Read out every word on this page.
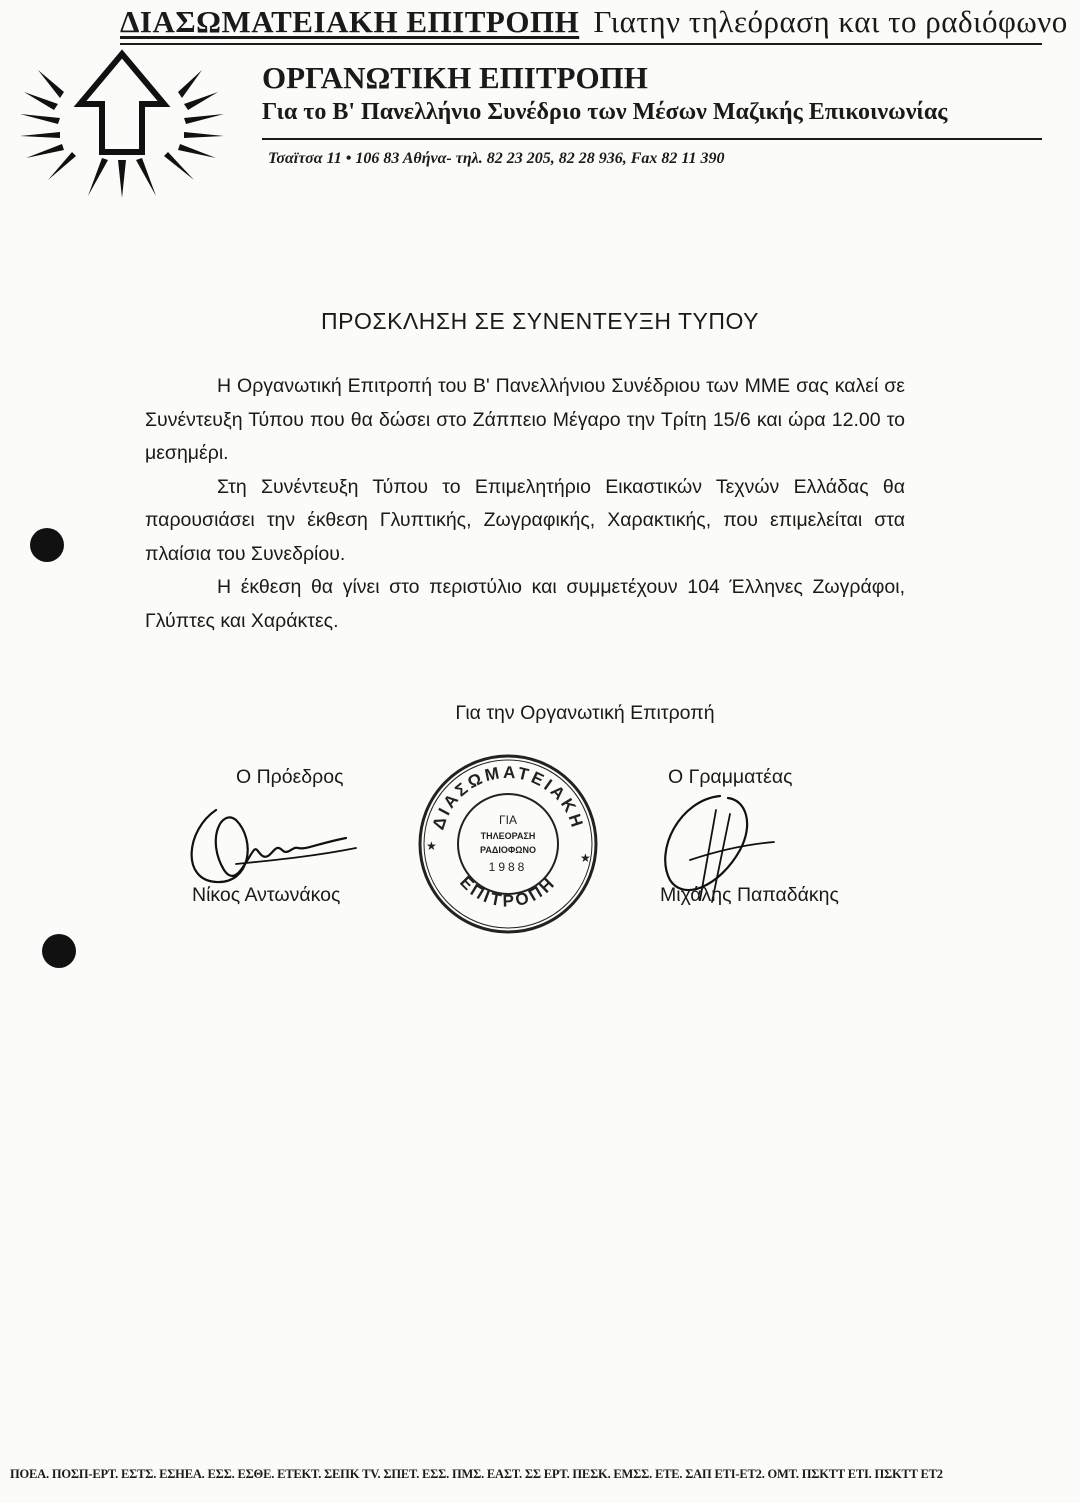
ΔΙΑΣΩΜΑΤΕΙΑΚΗ ΕΠΙΤΡΟΠΗ Γιατην τηλεόραση και το ραδιόφωνο
ΟΡΓΑΝΩΤΙΚΗ ΕΠΙΤΡΟΠΗ
Για το Β' Πανελλήνιο Συνέδριο των Μέσων Μαζικής Επικοινωνίας
Τσαϊτσα 11 • 106 83 Αθήνα- τηλ. 82 23 205, 82 28 936, Fax 82 11 390
ΠΡΟΣΚΛΗΣΗ ΣΕ ΣΥΝΕΝΤΕΥΞΗ ΤΥΠΟΥ

Η Οργανωτική Επιτροπή του Β' Πανελλήνιου Συνέδριου των ΜΜΕ σας καλεί σε Συνέντευξη Τύπου που θα δώσει στο Ζάππειο Μέγαρο την Τρίτη 15/6 και ώρα 12.00 το μεσημέρι.

Στη Συνέντευξη Τύπου το Επιμελητήριο Εικαστικών Τεχνών Ελλάδας θα παρουσιάσει την έκθεση Γλυπτικής, Ζωγραφικής, Χαρακτικής, που επιμελείται στα πλαίσια του Συνεδρίου.

Η έκθεση θα γίνει στο περιστύλιο και συμμετέχουν 104 Έλληνες Ζωγράφοι, Γλύπτες και Χαράκτες.

Για την Οργανωτική Επιτροπή
Ο Πρόεδρος	Ο Γραμματέας
Νίκος Αντωνάκος	Μιχάλης Παπαδάκης
ΔΙΑΣΩΜΑΤΕΙΑΚΗ
ΕΠΙΤΡΟΠΗ
ΓΙΑ
ΤΗΛΕΟΡΑΣΗ
ΡΑΔΙΟΦΩΝΟ
1988
★
★
ΠΟΕΑ. ΠΟΣΠ-ΕΡΤ. ΕΣΤΣ. ΕΣΗΕΑ. ΕΣΣ. ΕΣΘΕ. ΕΤΕΚΤ. ΣΕΠΚ TV. ΣΠΕΤ. ΕΣΣ. ΠΜΣ. ΕΑΣΤ. ΣΣ ΕΡΤ. ΠΕΣΚ. ΕΜΣΣ. ΕΤΕ. ΣΑΠ ΕΤΙ-ΕΤ2. ΟΜΤ. ΠΣΚΤΤ ΕΤΙ. ΠΣΚΤΤ ΕΤ2
